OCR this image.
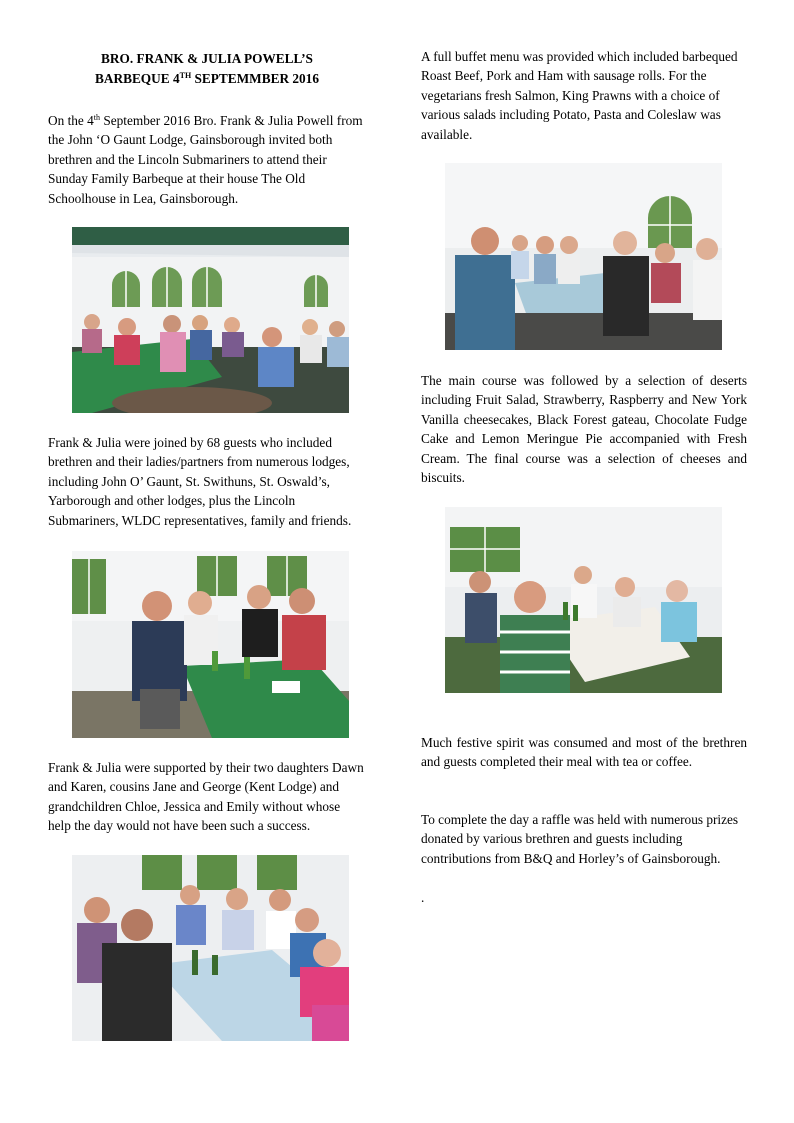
BRO. FRANK & JULIA POWELL’S
BARBEQUE 4TH SEPTEMMBER 2016

On the 4th September 2016 Bro. Frank & Julia Powell from the John ‘O Gaunt Lodge, Gainsborough invited both brethren and the Lincoln Submariners to attend their Sunday Family Barbeque at their house The Old Schoolhouse in Lea, Gainsborough.

Frank & Julia were joined by 68 guests who included brethren and their ladies/partners from numerous lodges, including John O’ Gaunt, St. Swithuns, St. Oswald’s, Yarborough and other lodges, plus the Lincoln Submariners, WLDC representatives, family and friends.

Frank & Julia were supported by their two daughters Dawn and Karen, cousins Jane and George (Kent Lodge) and grandchildren Chloe, Jessica and Emily without whose help the day would not have been such a success.

A full buffet menu was provided which included barbequed Roast Beef, Pork and Ham with sausage rolls. For the vegetarians fresh Salmon, King Prawns with a choice of various salads including Potato, Pasta and Coleslaw was available.

The main course was followed by a selection of deserts including Fruit Salad, Strawberry, Raspberry and New York Vanilla cheesecakes, Black Forest gateau, Chocolate Fudge Cake and Lemon Meringue Pie accompanied with Fresh Cream. The final course was a selection of cheeses and biscuits.

Much festive spirit was consumed and most of the brethren and guests completed their meal with tea or coffee.

To complete the day a raffle was held with numerous prizes donated by various brethren and guests including contributions from B&Q and Horley’s of Gainsborough.

.
